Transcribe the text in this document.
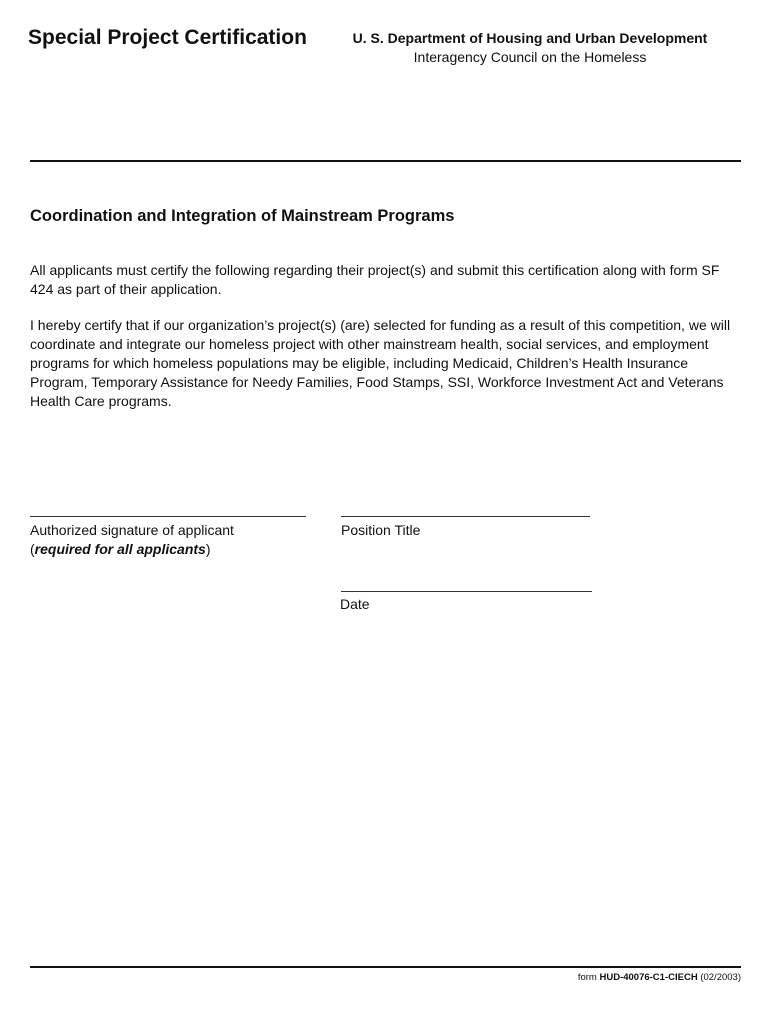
Special Project Certification	U. S. Department of Housing and Urban Development
Interagency Council on the Homeless
Coordination and Integration of Mainstream Programs
All applicants must certify the following regarding their project(s) and submit this certification along with form SF 424 as part of their application.
I hereby certify that if our organization’s project(s) (are) selected for funding as a result of this competition, we will coordinate and integrate our homeless project with other mainstream health, social services, and employment programs for which homeless populations may be eligible, including Medicaid, Children’s Health Insurance Program, Temporary Assistance for Needy Families, Food Stamps, SSI, Workforce Investment Act and Veterans Health Care programs.
Authorized signature of applicant
(required for all applicants)
Position Title
Date
form HUD-40076-C1-CIECH (02/2003)
